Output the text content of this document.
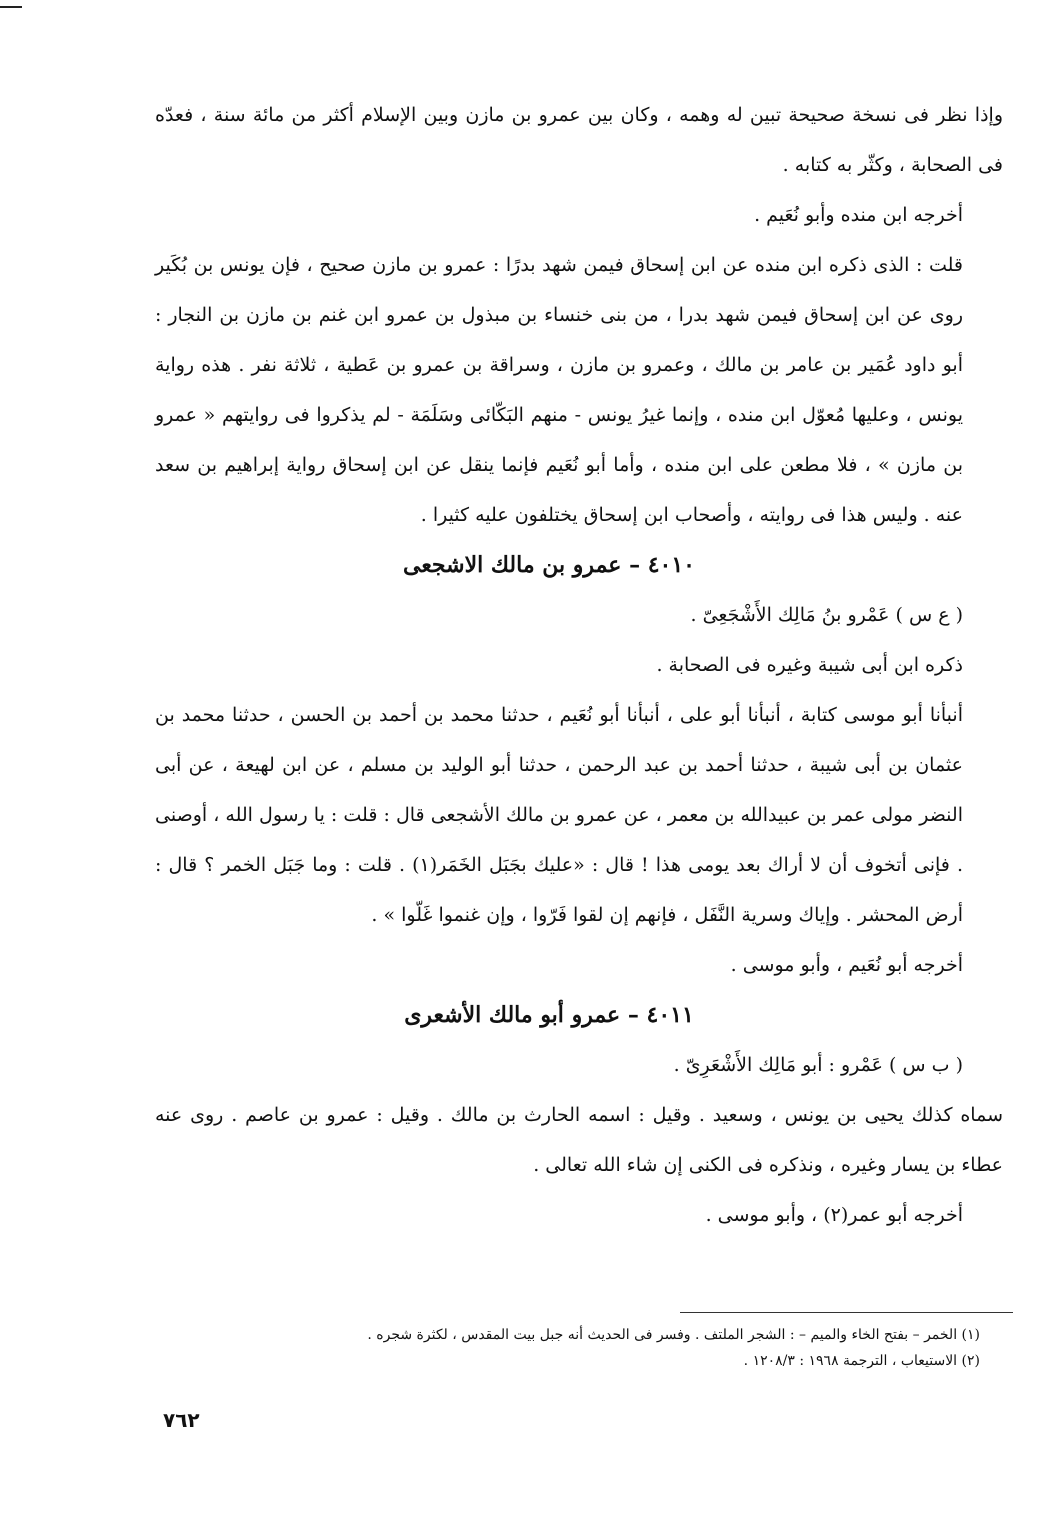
وإذا نظر فى نسخة صحيحة تبين له وهمه ، وكان بين عمرو بن مازن وبين الإسلام أكثر من مائة سنة ، فعدّه فى الصحابة ، وكثّر به كتابه .

أخرجه ابن منده وأبو نُعَيم .

قلت : الذى ذكره ابن منده عن ابن إسحاق فيمن شهد بدرًا : عمرو بن مازن صحيح ، فإن يونس بن بُكَير روى عن ابن إسحاق فيمن شهد بدرا ، من بنى خنساء بن مبذول بن عمرو ابن غنم بن مازن بن النجار : أبو داود عُمَير بن عامر بن مالك ، وعمرو بن مازن ، وسراقة بن عمرو بن عَطية ، ثلاثة نفر . هذه رواية يونس ، وعليها مُعوّل ابن منده ، وإنما غيرُ يونس - منهم البَكّائى وسَلَمَة - لم يذكروا فى روايتهم « عمرو بن مازن » ، فلا مطعن على ابن منده ، وأما أبو نُعَيم فإنما ينقل عن ابن إسحاق رواية إبراهيم بن سعد عنه . وليس هذا فى روايته ، وأصحاب ابن إسحاق يختلفون عليه كثيرا .

٤٠١٠ – عمرو بن مالك الاشجعى

( ع س ) عَمْرو بنُ مَالِك الأَشْجَعِىّ .

ذكره ابن أبى شيبة وغيره فى الصحابة .

أنبأنا أبو موسى كتابة ، أنبأنا أبو على ، أنبأنا أبو نُعَيم ، حدثنا محمد بن أحمد بن الحسن ، حدثنا محمد بن عثمان بن أبى شيبة ، حدثنا أحمد بن عبد الرحمن ، حدثنا أبو الوليد بن مسلم ، عن ابن لهيعة ، عن أبى النضر مولى عمر بن عبيدالله بن معمر ، عن عمرو بن مالك الأشجعى قال : قلت : يا رسول الله ، أوصنى . فإنى أتخوف أن لا أراك بعد يومى هذا ! قال : «عليك بجَبَل الخَمَر(١) . قلت : وما جَبَل الخمر ؟ قال : أرض المحشر . وإياك وسرية النَّفَل ، فإنهم إن لقوا فَرّوا ، وإن غنموا غَلّوا » .

أخرجه أبو نُعَيم ، وأبو موسى .

٤٠١١ – عمرو أبو مالك الأشعرى

( ب س ) عَمْرو : أبو مَالِك الأَشْعَرِىّ .

سماه كذلك يحيى بن يونس ، وسعيد . وقيل : اسمه الحارث بن مالك . وقيل : عمرو بن عاصم . روى عنه عطاء بن يسار وغيره ، ونذكره فى الكنى إن شاء الله تعالى .

أخرجه أبو عمر(٢) ، وأبو موسى .

(١) الخمر – بفتح الخاء والميم – : الشجر الملتف . وفسر فى الحديث أنه جبل بيت المقدس ، لكثرة شجره .

(٢) الاستيعاب ، الترجمة ١٩٦٨ : ١٢٠٨/٣ .

٧٦٢
